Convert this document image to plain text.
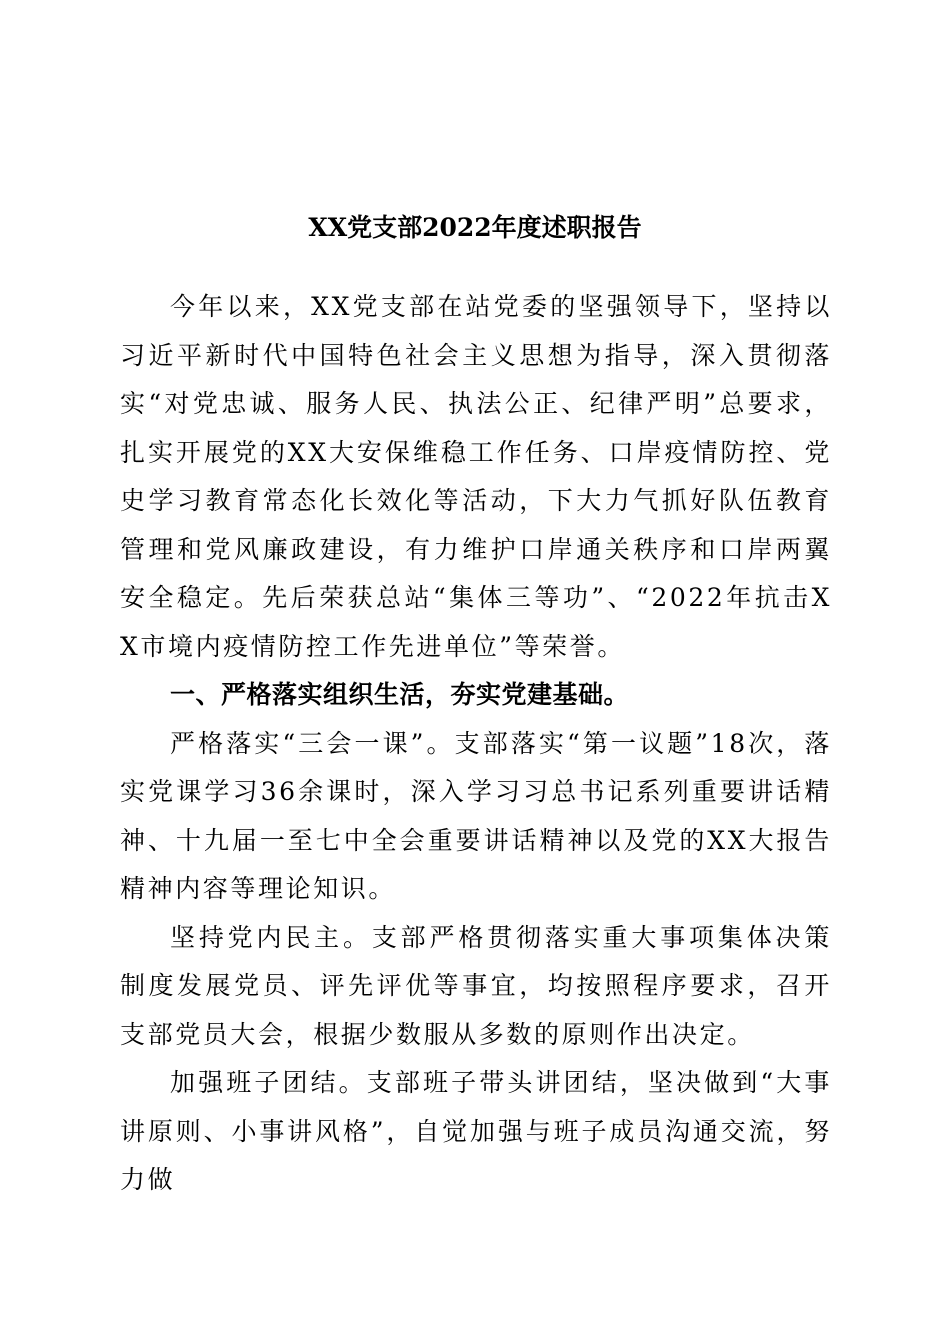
XX党支部2022年度述职报告

今年以来，XX党支部在站党委的坚强领导下，坚持以习近平新时代中国特色社会主义思想为指导，深入贯彻落实“对党忠诚、服务人民、执法公正、纪律严明”总要求，扎实开展党的XX大安保维稳工作任务、口岸疫情防控、党史学习教育常态化长效化等活动，下大力气抓好队伍教育管理和党风廉政建设，有力维护口岸通关秩序和口岸两翼安全稳定。先后荣获总站“集体三等功”、“2022年抗击XX市境内疫情防控工作先进单位”等荣誉。

一、严格落实组织生活，夯实党建基础。

严格落实“三会一课”。支部落实“第一议题”18次，落实党课学习36余课时，深入学习习总书记系列重要讲话精神、十九届一至七中全会重要讲话精神以及党的XX大报告精神内容等理论知识。

坚持党内民主。支部严格贯彻落实重大事项集体决策制度发展党员、评先评优等事宜，均按照程序要求，召开支部党员大会，根据少数服从多数的原则作出决定。

加强班子团结。支部班子带头讲团结，坚决做到“大事讲原则、小事讲风格”，自觉加强与班子成员沟通交流，努力做
